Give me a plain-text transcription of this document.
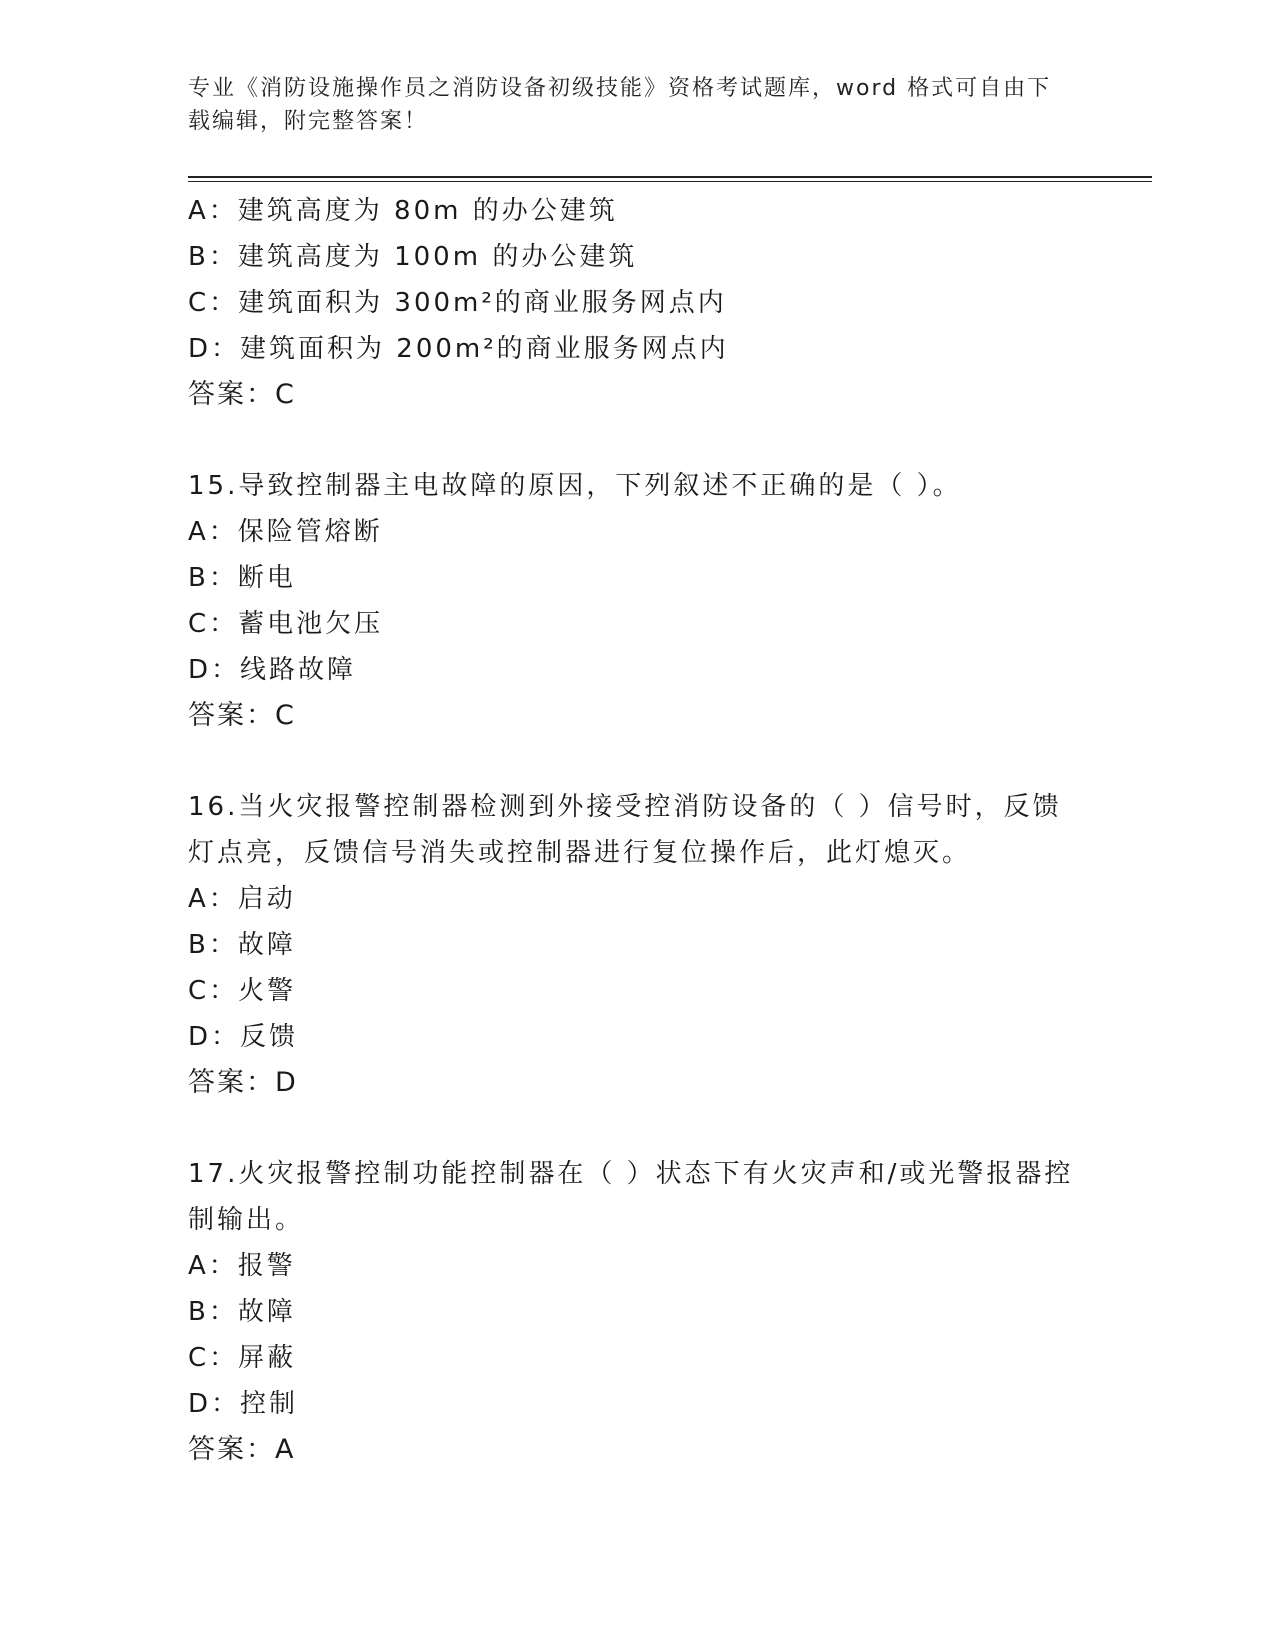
专业《消防设施操作员之消防设备初级技能》资格考试题库，word 格式可自由下载编辑，附完整答案！
A：建筑高度为 80m 的办公建筑
B：建筑高度为 100m 的办公建筑
C：建筑面积为 300m²的商业服务网点内
D：建筑面积为 200m²的商业服务网点内
答案：C
15.导致控制器主电故障的原因，下列叙述不正确的是（ ）。
A：保险管熔断
B：断电
C：蓄电池欠压
D：线路故障
答案：C
16.当火灾报警控制器检测到外接受控消防设备的（ ）信号时，反馈灯点亮，反馈信号消失或控制器进行复位操作后，此灯熄灭。
A：启动
B：故障
C：火警
D：反馈
答案：D
17.火灾报警控制功能控制器在（ ）状态下有火灾声和/或光警报器控制输出。
A：报警
B：故障
C：屏蔽
D：控制
答案：A
